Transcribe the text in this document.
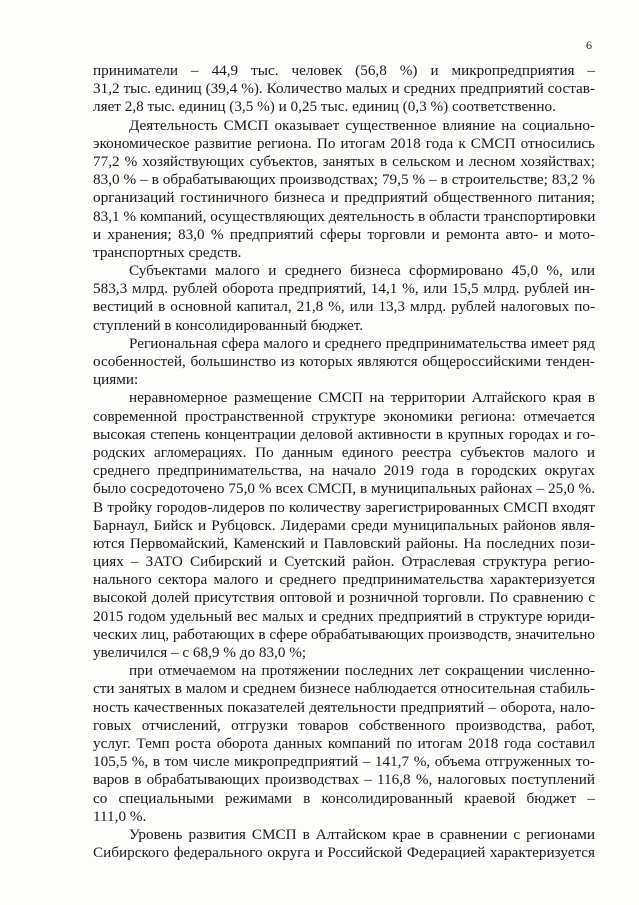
6
приниматели – 44,9 тыс. человек (56,8 %) и микропредприятия –
31,2 тыс. единиц (39,4 %). Количество малых и средних предприятий состав-
ляет 2,8 тыс. единиц (3,5 %) и 0,25 тыс. единиц (0,3 %) соответственно.
Деятельность СМСП оказывает существенное влияние на социально-
экономическое развитие региона. По итогам 2018 года к СМСП относились
77,2 % хозяйствующих субъектов, занятых в сельском и лесном хозяйствах;
83,0 % – в обрабатывающих производствах; 79,5 % – в строительстве; 83,2 %
организаций гостиничного бизнеса и предприятий общественного питания;
83,1 % компаний, осуществляющих деятельность в области транспортировки
и хранения; 83,0 % предприятий сферы торговли и ремонта авто- и мото-
транспортных средств.
Субъектами малого и среднего бизнеса сформировано 45,0 %, или
583,3 млрд. рублей оборота предприятий, 14,1 %, или 15,5 млрд. рублей ин-
вестиций в основной капитал, 21,8 %, или 13,3 млрд. рублей налоговых по-
ступлений в консолидированный бюджет.
Региональная сфера малого и среднего предпринимательства имеет ряд
особенностей, большинство из которых являются общероссийскими тенден-
циями:
неравномерное размещение СМСП на территории Алтайского края в
современной пространственной структуре экономики региона: отмечается
высокая степень концентрации деловой активности в крупных городах и го-
родских агломерациях. По данным единого реестра субъектов малого и
среднего предпринимательства, на начало 2019 года в городских округах
было сосредоточено 75,0 % всех СМСП, в муниципальных районах – 25,0 %.
В тройку городов-лидеров по количеству зарегистрированных СМСП входят
Барнаул, Бийск и Рубцовск. Лидерами среди муниципальных районов явля-
ются Первомайский, Каменский и Павловский районы. На последних пози-
циях – ЗАТО Сибирский и Суетский район. Отраслевая структура регио-
нального сектора малого и среднего предпринимательства характеризуется
высокой долей присутствия оптовой и розничной торговли. По сравнению с
2015 годом удельный вес малых и средних предприятий в структуре юриди-
ческих лиц, работающих в сфере обрабатывающих производств, значительно
увеличился – с 68,9 % до 83,0 %;
при отмечаемом на протяжении последних лет сокращении численно-
сти занятых в малом и среднем бизнесе наблюдается относительная стабиль-
ность качественных показателей деятельности предприятий – оборота, нало-
говых отчислений, отгрузки товаров собственного производства, работ,
услуг. Темп роста оборота данных компаний по итогам 2018 года составил
105,5 %, в том числе микропредприятий – 141,7 %, объема отгруженных то-
варов в обрабатывающих производствах – 116,8 %, налоговых поступлений
со специальными режимами в консолидированный краевой бюджет –
111,0 %.
Уровень развития СМСП в Алтайском крае в сравнении с регионами
Сибирского федерального округа и Российской Федерацией характеризуется
